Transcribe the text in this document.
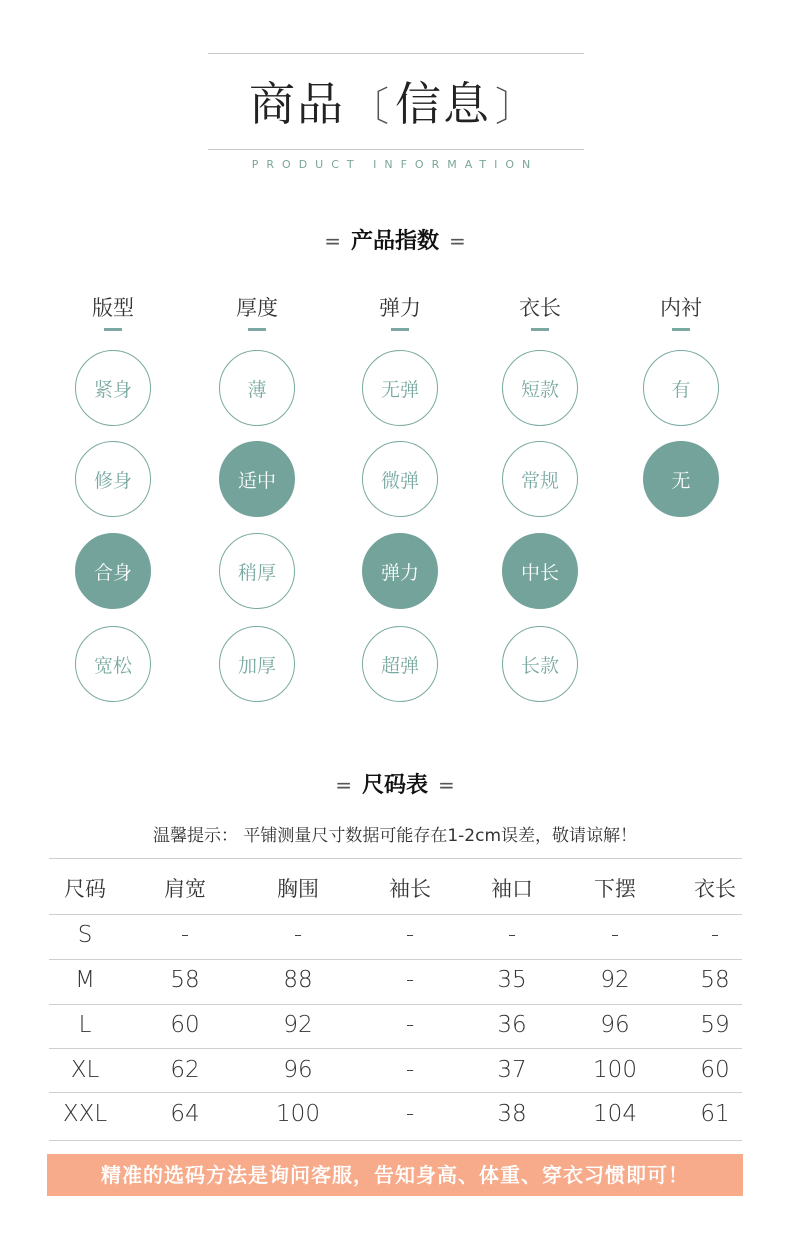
商品 〔信息 〕
PRODUCT INFORMATION
= 产品指数 =
版型
紧身
修身
合身
宽松
厚度
薄
适中
稍厚
加厚
弹力
无弹
微弹
弹力
超弹
衣长
短款
常规
中长
长款
内衬
有
无
= 尺码表 =
温馨提示： 平铺测量尺寸数据可能存在1-2cm误差，敬请谅解！
尺码	肩宽	胸围	袖长	袖口	下摆	衣长
S	-	-	-	-	-	-
M	58	88	-	35	92	58
L	60	92	-	36	96	59
XL	62	96	-	37	100	60
XXL	64	100	-	38	104	61
精准的选码方法是询问客服，告知身高、体重、穿衣习惯即可！
